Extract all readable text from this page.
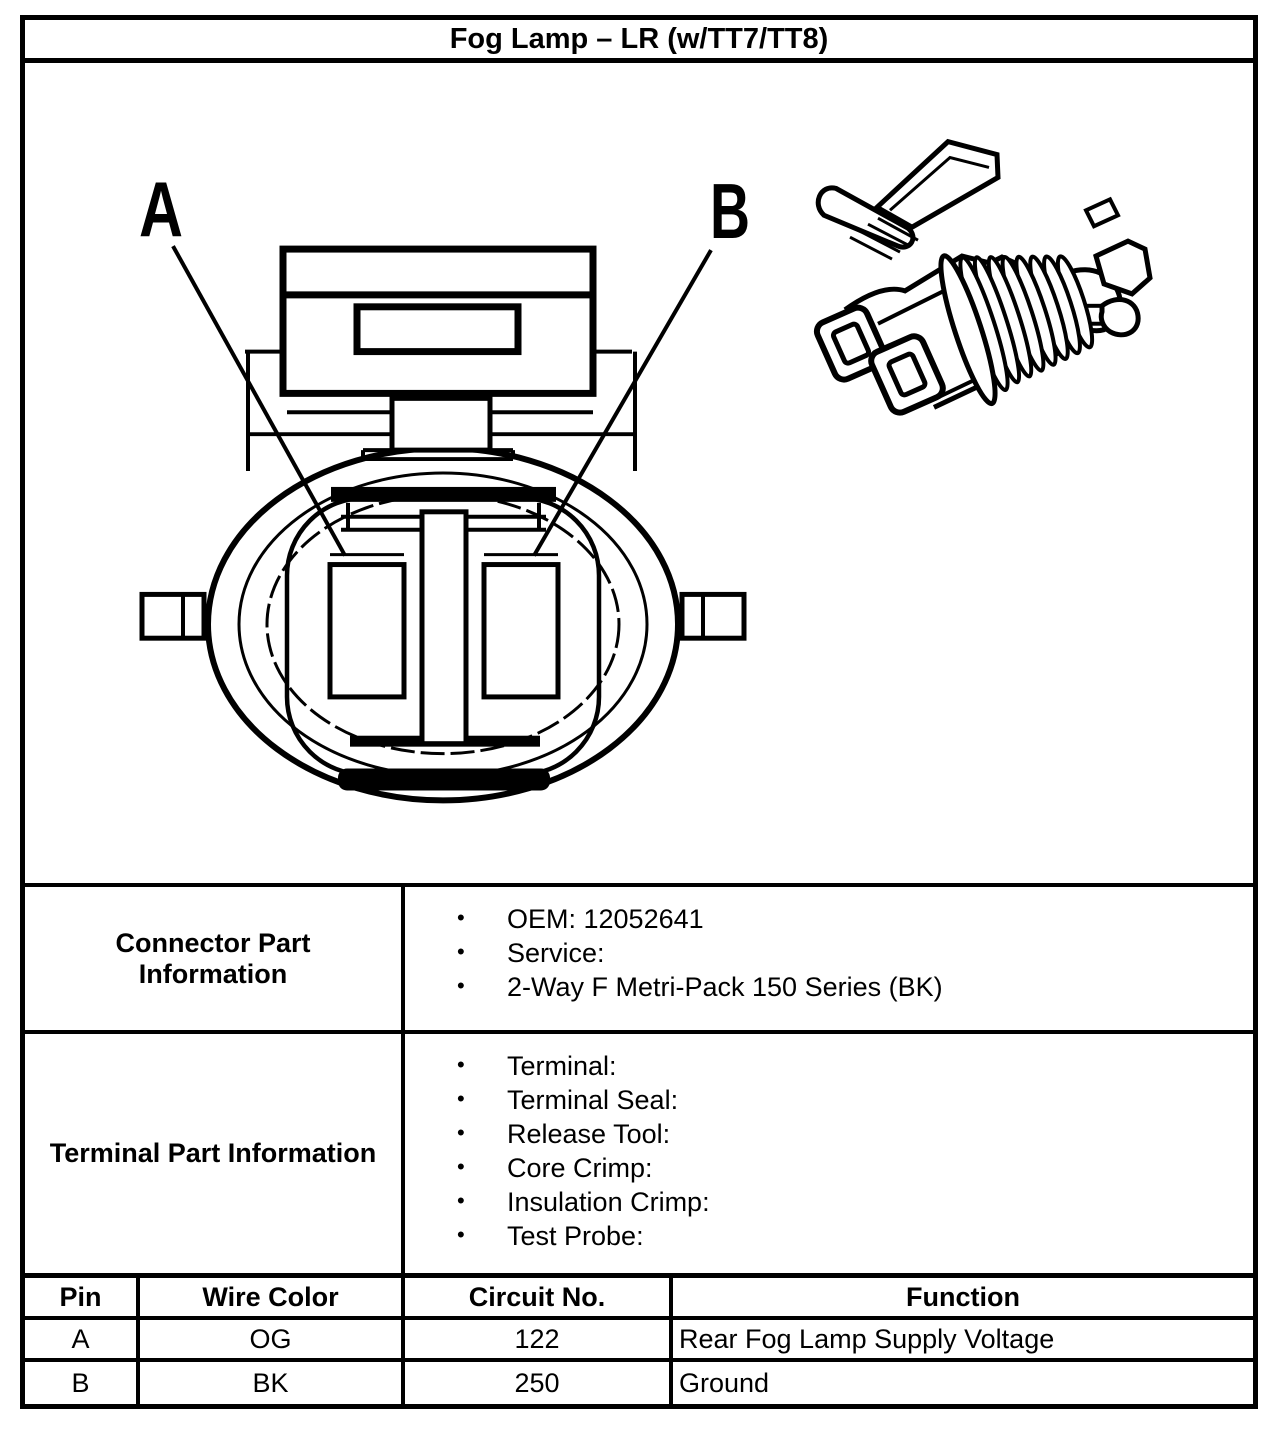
Fog Lamp – LR (w/TT7/TT8)
A	B
Connector Part Information
• OEM: 12052641
• Service:
• 2-Way F Metri-Pack 150 Series (BK)
Terminal Part Information
• Terminal:
• Terminal Seal:
• Release Tool:
• Core Crimp:
• Insulation Crimp:
• Test Probe:
Pin	Wire Color	Circuit No.	Function
A	OG	122	Rear Fog Lamp Supply Voltage
B	BK	250	Ground
